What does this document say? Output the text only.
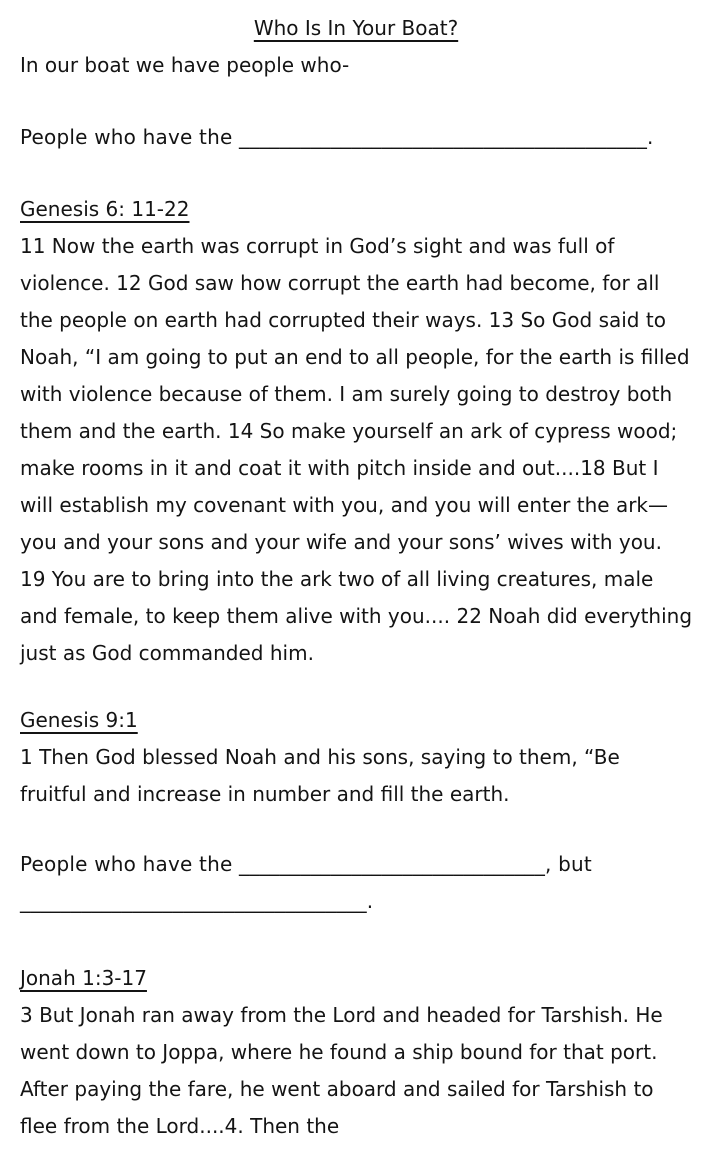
Who Is In Your Boat?

In our boat we have people who-

People who have the ________________________________________.

Genesis 6: 11-22

11 Now the earth was corrupt in God’s sight and was full of violence. 12 God saw how corrupt the earth had become, for all the people on earth had corrupted their ways. 13 So God said to Noah, “I am going to put an end to all people, for the earth is filled with violence because of them. I am surely going to destroy both them and the earth. 14 So make yourself an ark of cypress wood; make rooms in it and coat it with pitch inside and out....18 But I will establish my covenant with you, and you will enter the ark—you and your sons and your wife and your sons’ wives with you. 19 You are to bring into the ark two of all living creatures, male and female, to keep them alive with you.... 22 Noah did everything just as God commanded him.

Genesis 9:1

1 Then God blessed Noah and his sons, saying to them, “Be fruitful and increase in number and fill the earth.

People who have the ______________________________, but __________________________________.

Jonah 1:3-17

3 But Jonah ran away from the Lord and headed for Tarshish. He went down to Joppa, where he found a ship bound for that port. After paying the fare, he went aboard and sailed for Tarshish to flee from the Lord....4. Then the
